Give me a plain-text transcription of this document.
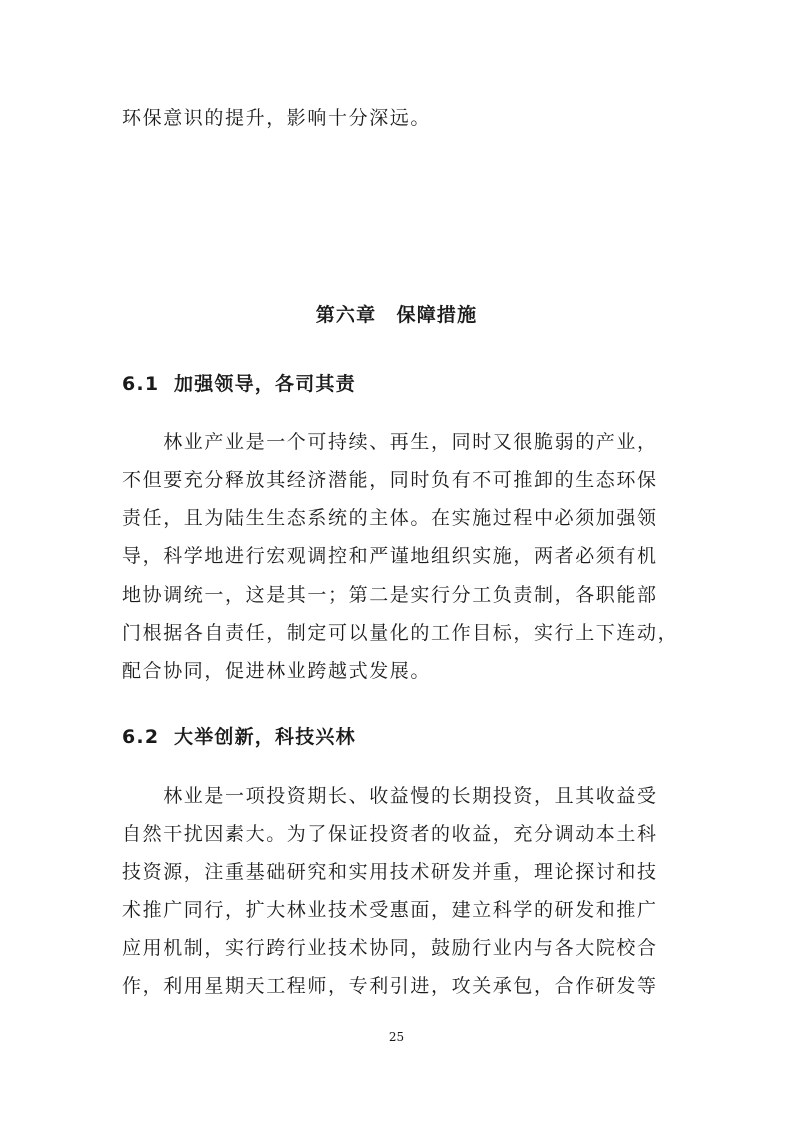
环保意识的提升，影响十分深远。
第六章　保障措施
6.1 加强领导，各司其责
　　林业产业是一个可持续、再生，同时又很脆弱的产业，
不但要充分释放其经济潜能，同时负有不可推卸的生态环保
责任，且为陆生生态系统的主体。在实施过程中必须加强领
导，科学地进行宏观调控和严谨地组织实施，两者必须有机
地协调统一，这是其一；第二是实行分工负责制，各职能部
门根据各自责任，制定可以量化的工作目标，实行上下连动，
配合协同，促进林业跨越式发展。
6.2 大举创新，科技兴林
　　林业是一项投资期长、收益慢的长期投资，且其收益受
自然干扰因素大。为了保证投资者的收益，充分调动本土科
技资源，注重基础研究和实用技术研发并重，理论探讨和技
术推广同行，扩大林业技术受惠面，建立科学的研发和推广
应用机制，实行跨行业技术协同，鼓励行业内与各大院校合
作，利用星期天工程师，专利引进，攻关承包，合作研发等
25
